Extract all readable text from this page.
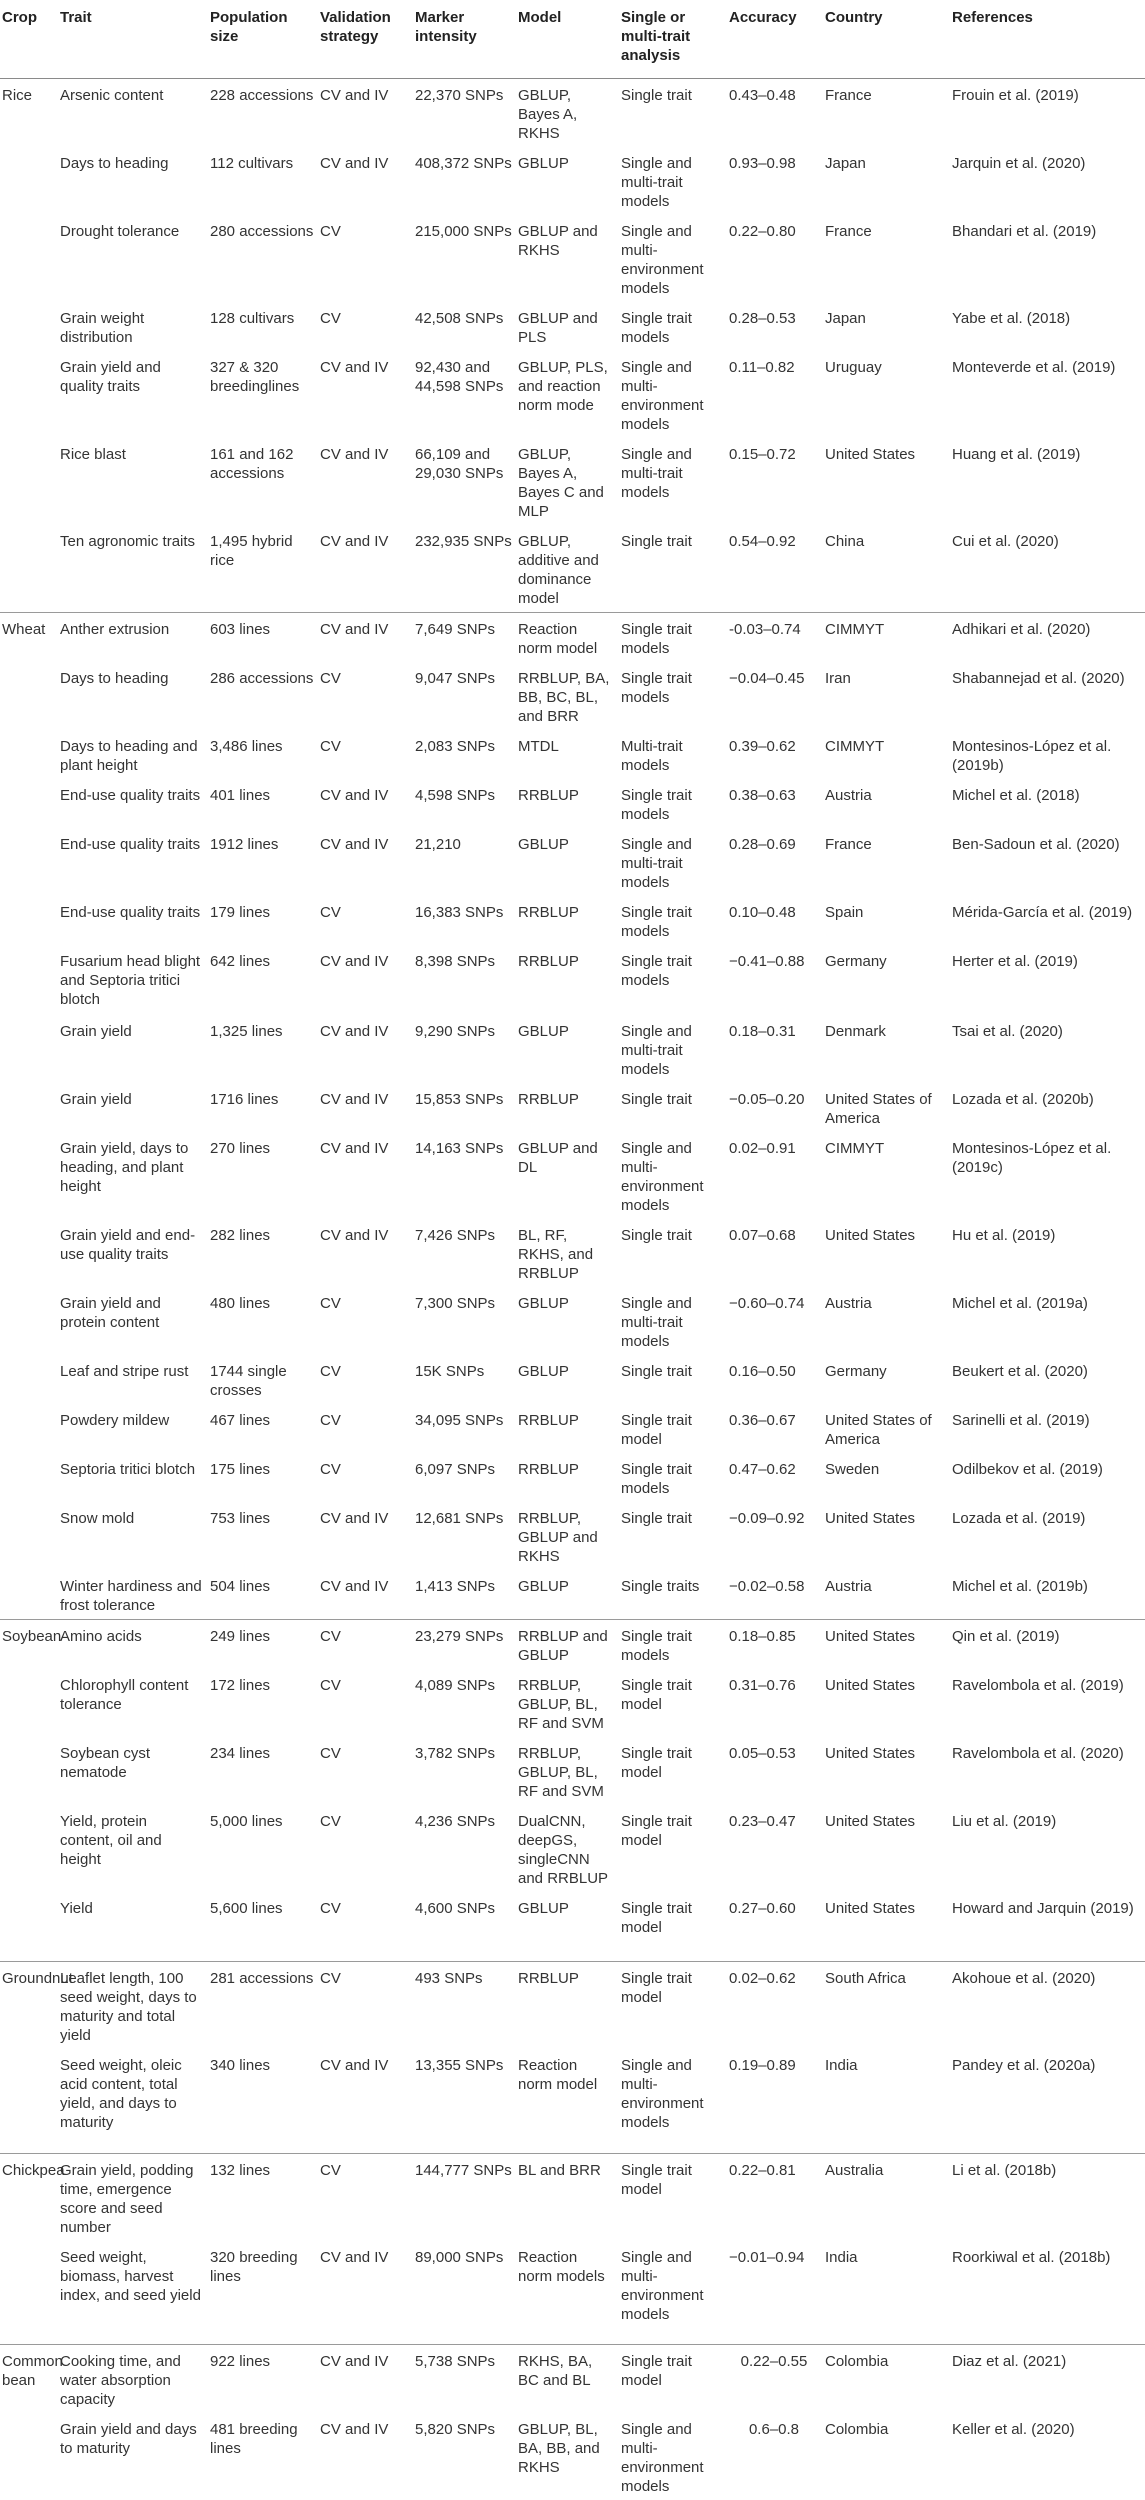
Crop	Trait	Population size	Validation strategy	Marker intensity	Model	Single or multi-trait analysis	Accuracy	Country	References
Rice	Arsenic content	228 accessions	CV and IV	22,370 SNPs	GBLUP, Bayes A, RKHS	Single trait	0.43–0.48	France	Frouin et al. (2019)
	Days to heading	112 cultivars	CV and IV	408,372 SNPs	GBLUP	Single and multi-trait models	0.93–0.98	Japan	Jarquin et al. (2020)
	Drought tolerance	280 accessions	CV	215,000 SNPs	GBLUP and RKHS	Single and multi-environment models	0.22–0.80	France	Bhandari et al. (2019)
	Grain weight distribution	128 cultivars	CV	42,508 SNPs	GBLUP and PLS	Single trait models	0.28–0.53	Japan	Yabe et al. (2018)
	Grain yield and quality traits	327 & 320 breedinglines	CV and IV	92,430 and 44,598 SNPs	GBLUP, PLS, and reaction norm mode	Single and multi-environment models	0.11–0.82	Uruguay	Monteverde et al. (2019)
	Rice blast	161 and 162 accessions	CV and IV	66,109 and 29,030 SNPs	GBLUP, Bayes A, Bayes C and MLP	Single and multi-trait models	0.15–0.72	United States	Huang et al. (2019)
	Ten agronomic traits	1,495 hybrid rice	CV and IV	232,935 SNPs	GBLUP, additive and dominance model	Single trait	0.54–0.92	China	Cui et al. (2020)
Wheat	Anther extrusion	603 lines	CV and IV	7,649 SNPs	Reaction norm model	Single trait models	-0.03–0.74	CIMMYT	Adhikari et al. (2020)
	Days to heading	286 accessions	CV	9,047 SNPs	RRBLUP, BA, BB, BC, BL, and BRR	Single trait models	−0.04–0.45	Iran	Shabannejad et al. (2020)
	Days to heading and plant height	3,486 lines	CV	2,083 SNPs	MTDL	Multi-trait models	0.39–0.62	CIMMYT	Montesinos-López et al. (2019b)
	End-use quality traits	401 lines	CV and IV	4,598 SNPs	RRBLUP	Single trait models	0.38–0.63	Austria	Michel et al. (2018)
	End-use quality traits	1912 lines	CV and IV	21,210	GBLUP	Single and multi-trait models	0.28–0.69	France	Ben-Sadoun et al. (2020)
	End-use quality traits	179 lines	CV	16,383 SNPs	RRBLUP	Single trait models	0.10–0.48	Spain	Mérida-García et al. (2019)
	Fusarium head blight and Septoria tritici blotch	642 lines	CV and IV	8,398 SNPs	RRBLUP	Single trait models	−0.41–0.88	Germany	Herter et al. (2019)
	Grain yield	1,325 lines	CV and IV	9,290 SNPs	GBLUP	Single and multi-trait models	0.18–0.31	Denmark	Tsai et al. (2020)
	Grain yield	1716 lines	CV and IV	15,853 SNPs	RRBLUP	Single trait	−0.05–0.20	United States of America	Lozada et al. (2020b)
	Grain yield, days to heading, and plant height	270 lines	CV and IV	14,163 SNPs	GBLUP and DL	Single and multi-environment models	0.02–0.91	CIMMYT	Montesinos-López et al. (2019c)
	Grain yield and end-use quality traits	282 lines	CV and IV	7,426 SNPs	BL, RF, RKHS, and RRBLUP	Single trait	0.07–0.68	United States	Hu et al. (2019)
	Grain yield and protein content	480 lines	CV	7,300 SNPs	GBLUP	Single and multi-trait models	−0.60–0.74	Austria	Michel et al. (2019a)
	Leaf and stripe rust	1744 single crosses	CV	15K SNPs	GBLUP	Single trait	0.16–0.50	Germany	Beukert et al. (2020)
	Powdery mildew	467 lines	CV	34,095 SNPs	RRBLUP	Single trait model	0.36–0.67	United States of America	Sarinelli et al. (2019)
	Septoria tritici blotch	175 lines	CV	6,097 SNPs	RRBLUP	Single trait models	0.47–0.62	Sweden	Odilbekov et al. (2019)
	Snow mold	753 lines	CV and IV	12,681 SNPs	RRBLUP, GBLUP and RKHS	Single trait	−0.09–0.92	United States	Lozada et al. (2019)
	Winter hardiness and frost tolerance	504 lines	CV and IV	1,413 SNPs	GBLUP	Single traits	−0.02–0.58	Austria	Michel et al. (2019b)
Soybean	Amino acids	249 lines	CV	23,279 SNPs	RRBLUP and GBLUP	Single trait models	0.18–0.85	United States	Qin et al. (2019)
	Chlorophyll content tolerance	172 lines	CV	4,089 SNPs	RRBLUP, GBLUP, BL, RF and SVM	Single trait model	0.31–0.76	United States	Ravelombola et al. (2019)
	Soybean cyst nematode	234 lines	CV	3,782 SNPs	RRBLUP, GBLUP, BL, RF and SVM	Single trait model	0.05–0.53	United States	Ravelombola et al. (2020)
	Yield, protein content, oil and height	5,000 lines	CV	4,236 SNPs	DualCNN, deepGS, singleCNN and RRBLUP	Single trait model	0.23–0.47	United States	Liu et al. (2019)
	Yield	5,600 lines	CV	4,600 SNPs	GBLUP	Single trait model	0.27–0.60	United States	Howard and Jarquin (2019)
Groundnut	Leaflet length, 100 seed weight, days to maturity and total yield	281 accessions	CV	493 SNPs	RRBLUP	Single trait model	0.02–0.62	South Africa	Akohoue et al. (2020)
	Seed weight, oleic acid content, total yield, and days to maturity	340 lines	CV and IV	13,355 SNPs	Reaction norm model	Single and multi-environment models	0.19–0.89	India	Pandey et al. (2020a)
Chickpea	Grain yield, podding time, emergence score and seed number	132 lines	CV	144,777 SNPs	BL and BRR	Single trait model	0.22–0.81	Australia	Li et al. (2018b)
	Seed weight, biomass, harvest index, and seed yield	320 breeding lines	CV and IV	89,000 SNPs	Reaction norm models	Single and multi-environment models	−0.01–0.94	India	Roorkiwal et al. (2018b)
Common bean	Cooking time, and water absorption capacity	922 lines	CV and IV	5,738 SNPs	RKHS, BA, BC and BL	Single trait model	0.22–0.55	Colombia	Diaz et al. (2021)
	Grain yield and days to maturity	481 breeding lines	CV and IV	5,820 SNPs	GBLUP, BL, BA, BB, and RKHS	Single and multi-environment models	0.6–0.8	Colombia	Keller et al. (2020)
